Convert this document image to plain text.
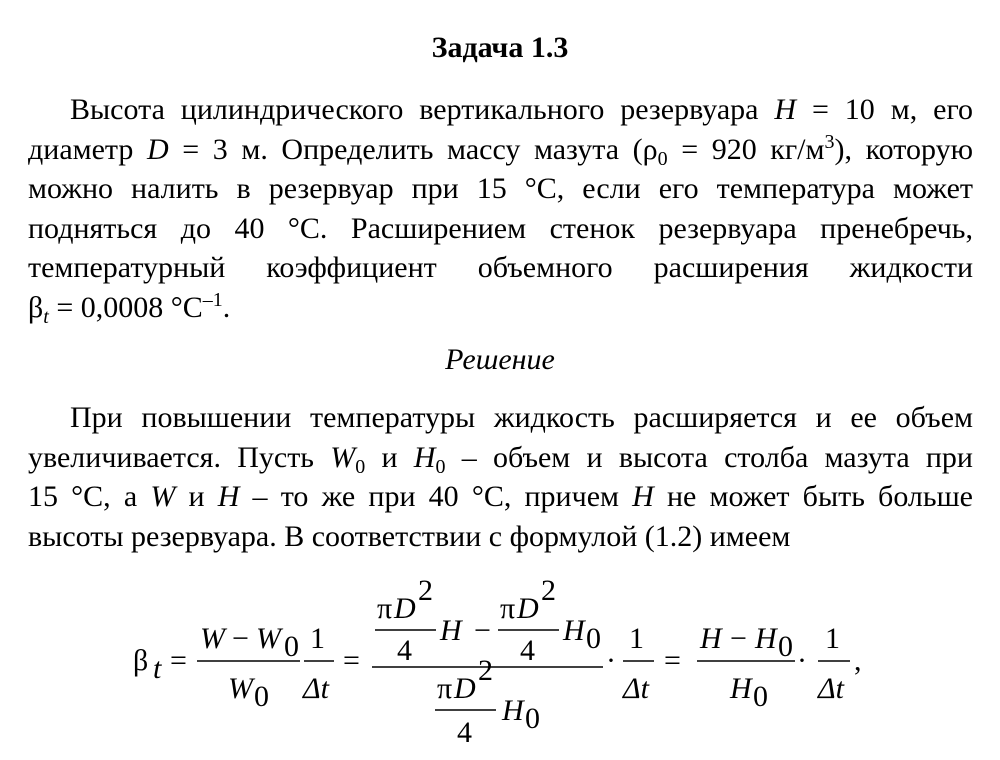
Задача 1.3
Высота цилиндрического вертикального резервуара H = 10 м, его
диаметр D = 3 м. Определить массу мазута ($\rho_0 = 920$ $кг/м^3$), которую
можно налить в резервуар при 15 °С, если его температура может
подняться до 40 °С. Расширением стенок резервуара пренебречь,
температурный коэффициент объемного расширения жидкости
$\beta_t = 0,0008$ $^\circ С^{-1}$.
Решение
При повышении температуры жидкость расширяется и ее объем
увеличивается. Пусть $W_0$ и $H_0$ – объем и высота столба мазута при
15 °С, а W и H – то же при 40 °С, причем H не может быть больше
высоты резервуара. В соответствии с формулой (1.2) имеем
β t =
W − W 0
W 0
1
Δt
=
π D
2
4
H −
π D
2
4
H 0
π D
2
4
H 0
·
1
Δt
=
H − H 0
H 0
·
1
Δt
,
